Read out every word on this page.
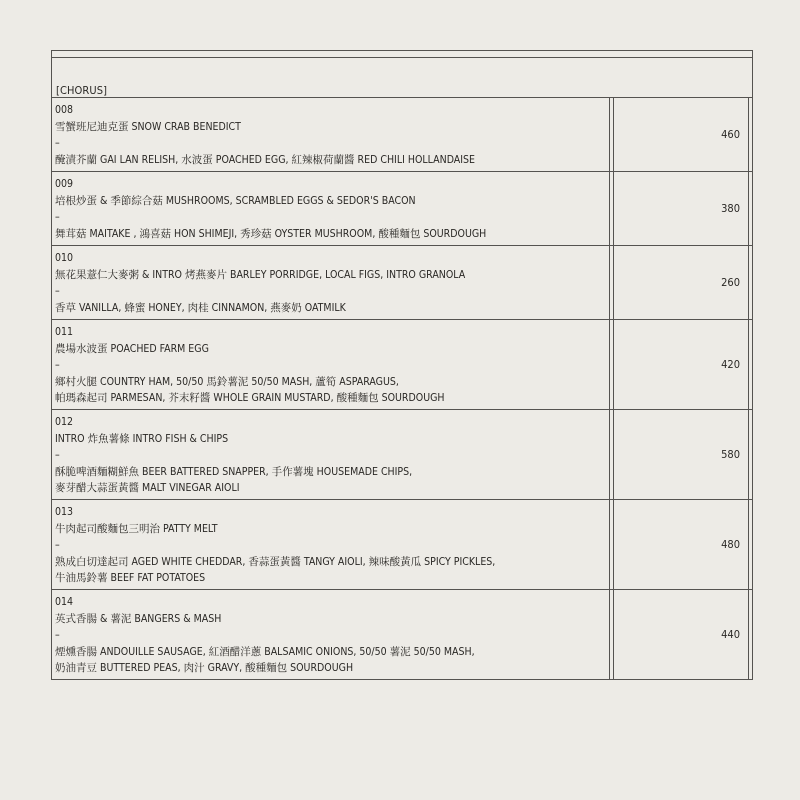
[CHORUS]
008
雪蟹班尼迪克蛋 SNOW CRAB BENEDICT
–
醃漬芥蘭 GAI LAN RELISH, 水波蛋 POACHED EGG, 紅辣椒荷蘭醬 RED CHILI HOLLANDAISE
460
009
培根炒蛋 & 季節綜合菇 MUSHROOMS, SCRAMBLED EGGS & SEDOR'S BACON
–
舞茸菇 MAITAKE , 鴻喜菇 HON SHIMEJI, 秀珍菇 OYSTER MUSHROOM, 酸種麵包 SOURDOUGH
380
010
無花果薏仁大麥粥 & INTRO 烤燕麥片 BARLEY PORRIDGE, LOCAL FIGS, INTRO GRANOLA
–
香草 VANILLA, 蜂蜜 HONEY, 肉桂 CINNAMON, 燕麥奶 OATMILK
260
011
農場水波蛋 POACHED FARM EGG
–
鄉村火腿 COUNTRY HAM, 50/50 馬鈴薯泥 50/50 MASH, 蘆筍 ASPARAGUS,
帕瑪森起司 PARMESAN, 芥末籽醬 WHOLE GRAIN MUSTARD, 酸種麵包 SOURDOUGH
420
012
INTRO 炸魚薯條 INTRO FISH & CHIPS
–
酥脆啤酒麵糊鮮魚 BEER BATTERED SNAPPER, 手作薯塊 HOUSEMADE CHIPS,
麥芽醋大蒜蛋黃醬 MALT VINEGAR AIOLI
580
013
牛肉起司酸麵包三明治 PATTY MELT
–
熟成白切達起司 AGED WHITE CHEDDAR, 香蒜蛋黃醬 TANGY AIOLI, 辣味酸黃瓜 SPICY PICKLES,
牛油馬鈴薯 BEEF FAT POTATOES
480
014
英式香腸 & 薯泥 BANGERS & MASH
–
煙燻香腸 ANDOUILLE SAUSAGE, 紅酒醋洋蔥 BALSAMIC ONIONS, 50/50 薯泥 50/50 MASH,
奶油青豆 BUTTERED PEAS, 肉汁 GRAVY, 酸種麵包 SOURDOUGH
440
